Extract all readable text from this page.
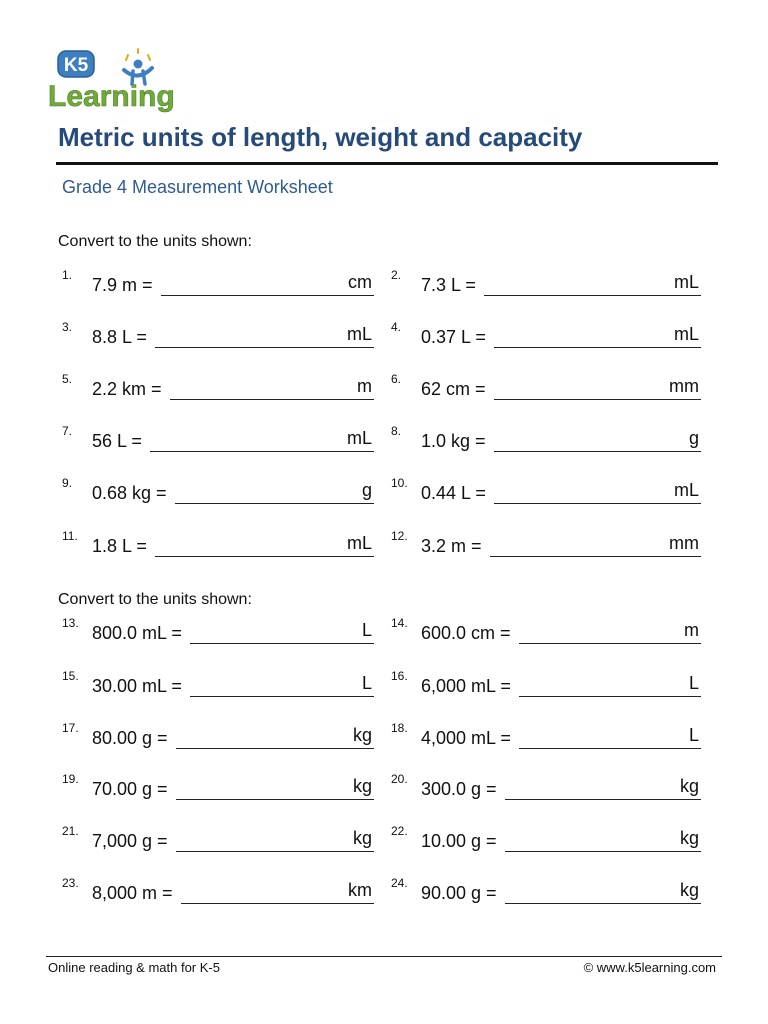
K5
Learning
Metric units of length, weight and capacity
Grade 4 Measurement Worksheet
Convert to the units shown:
1.	7.9 m =	cm 2.	7.3 L =	mL
3.	8.8 L =	mL 4.	0.37 L =	mL
5.	2.2 km =	m 6.	62 cm =	mm
7.	56 L =	mL 8.	1.0 kg =	g
9.	0.68 kg =	g 10. 0.44 L =	mL
11. 1.8 L =	mL 12. 3.2 m =	mm
Convert to the units shown:
13. 800.0 mL =	L 14. 600.0 cm =	m
15. 30.00 mL =	L 16. 6,000 mL =	L
17. 80.00 g =	kg 18. 4,000 mL =	L
19. 70.00 g =	kg 20. 300.0 g =	kg
21. 7,000 g =	kg 22. 10.00 g =	kg
23. 8,000 m =	km 24. 90.00 g =	kg
Online reading & math for K-5	© www.k5learning.com
